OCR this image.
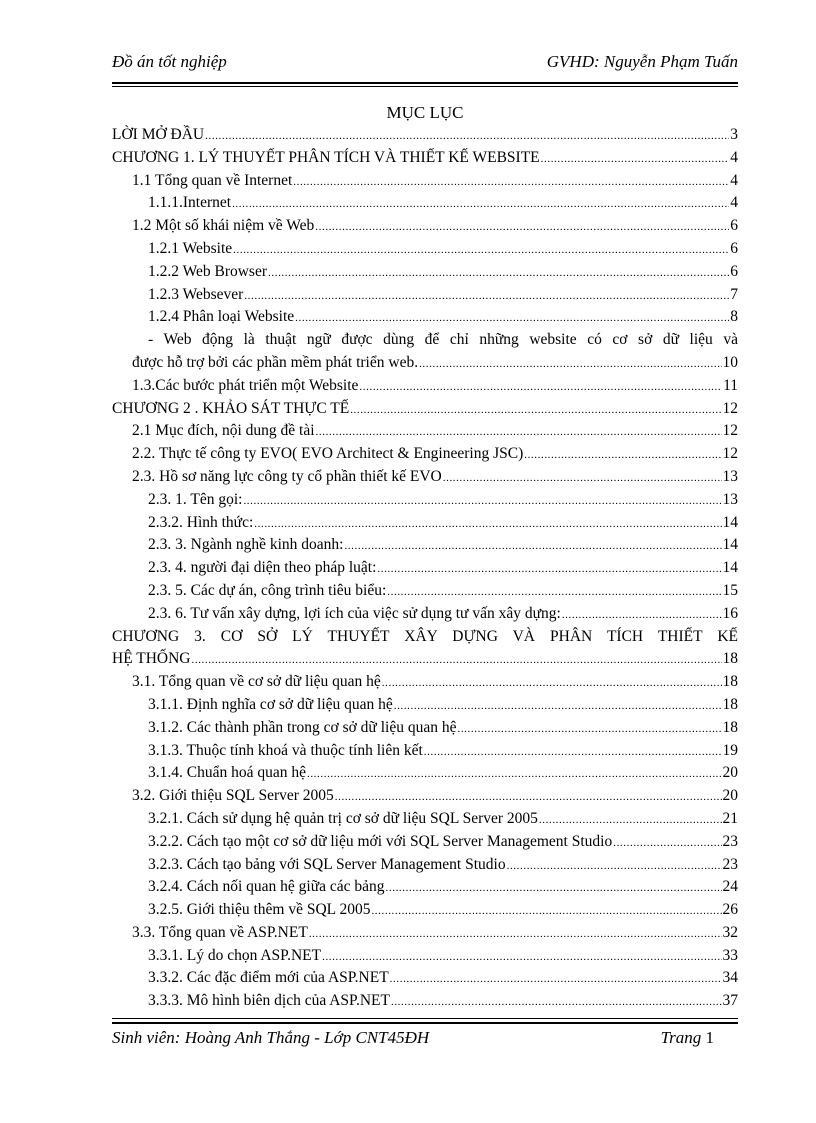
Đồ án tốt nghiệp	GVHD: Nguyễn Phạm Tuấn
MỤC LỤC
LỜI MỞ ĐẦU .....	3
CHƯƠNG 1. LÝ THUYẾT PHÂN TÍCH VÀ THIẾT KẾ WEBSITE .....	4
1.1 Tổng quan về Internet .....	4
1.1.1.Internet .....	4
1.2 Một số khái niệm về Web .....	6
1.2.1 Website .....	6
1.2.2 Web Browser .....	6
1.2.3 Websever .....	7
1.2.4 Phân loại Website .....	8
- Web động là thuật ngữ được dùng để chỉ những website có cơ sở dữ liệu và
được hỗ trợ bởi các phần mềm phát triển web. .....	10
1.3.Các bước phát triển một Website .....	11
CHƯƠNG 2 . KHẢO SÁT THỰC TẾ .....	12
2.1 Mục đích, nội dung đề tài .....	12
2.2. Thực tế công ty EVO( EVO Architect & Engineering JSC) .....	12
2.3. Hồ sơ năng lực công ty cổ phần thiết kế EVO .....	13
2.3. 1. Tên gọi: .....	13
2.3.2. Hình thức: .....	14
2.3. 3. Ngành nghề kinh doanh: .....	14
2.3. 4. người đại diện theo pháp luật: .....	14
2.3. 5. Các dự án, công trình tiêu biểu: .....	15
2.3. 6. Tư vấn xây dựng, lợi ích của việc sử dụng tư vấn xây dựng: .....	16
CHƯƠNG 3. CƠ SỞ LÝ THUYẾT XÂY DỰNG VÀ PHÂN TÍCH THIẾT KẾ
HỆ THỐNG .....	18
3.1. Tổng quan về cơ sở dữ liệu quan hệ .....	18
3.1.1. Định nghĩa cơ sở dữ liệu quan hệ .....	18
3.1.2. Các thành phần trong cơ sở dữ liệu quan hệ .....	18
3.1.3. Thuộc tính khoá và thuộc tính liên kết .....	19
3.1.4. Chuẩn hoá quan hệ .....	20
3.2. Giới thiệu SQL Server 2005 .....	20
3.2.1. Cách sử dụng hệ quản trị cơ sở dữ liệu SQL Server 2005 .....	21
3.2.2. Cách tạo một cơ sở dữ liệu mới với SQL Server Management Studio .....	23
3.2.3. Cách tạo bảng với SQL Server Management Studio .....	23
3.2.4. Cách nối quan hệ giữa các bảng .....	24
3.2.5. Giới thiệu thêm về SQL 2005 .....	26
3.3. Tổng quan về ASP.NET .....	32
3.3.1. Lý do chọn ASP.NET .....	33
3.3.2. Các đặc điểm mới của ASP.NET .....	34
3.3.3. Mô hình biên dịch của ASP.NET .....	37
Sinh viên: Hoàng Anh Thắng - Lớp CNT45ĐH	Trang 1
